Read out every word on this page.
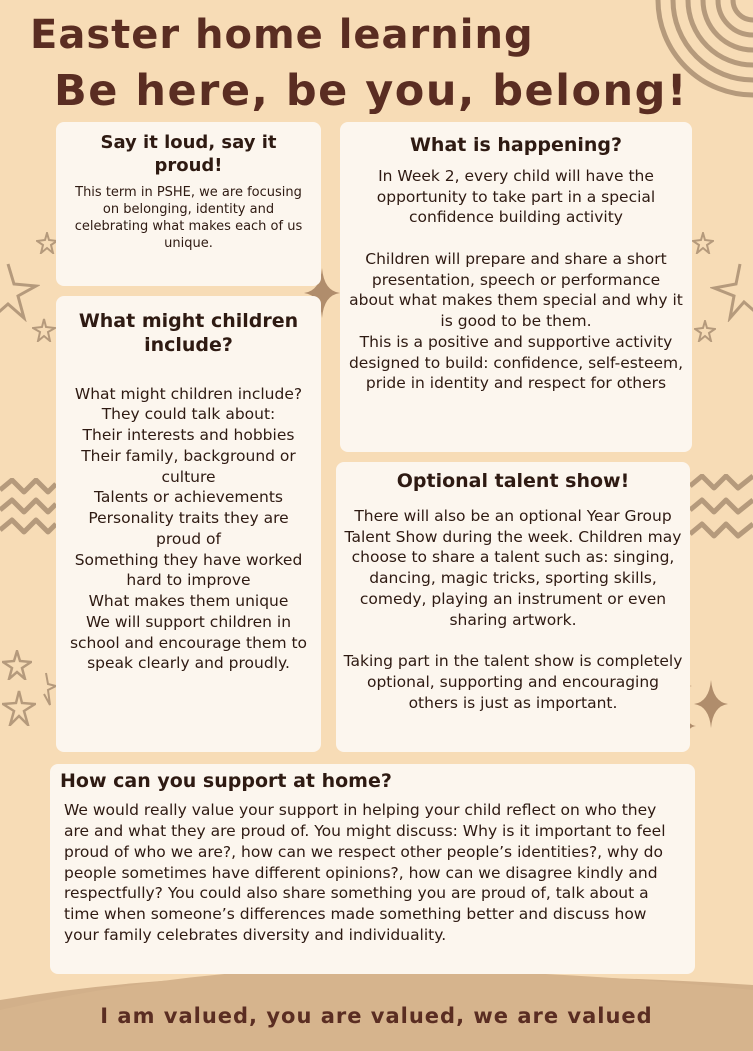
Easter home learning
Be here, be you, belong!
Say it loud, say it proud!

This term in PSHE, we are focusing on belonging, identity and celebrating what makes each of us unique.

What is happening?

In Week 2, every child will have the opportunity to take part in a special confidence building activity

Children will prepare and share a short presentation, speech or performance about what makes them special and why it is good to be them.
This is a positive and supportive activity designed to build: confidence, self-esteem, pride in identity and respect for others

What might children include?

What might children include?
They could talk about:
Their interests and hobbies
Their family, background or culture
Talents or achievements
Personality traits they are proud of
Something they have worked hard to improve
What makes them unique
We will support children in school and encourage them to speak clearly and proudly.

Optional talent show!

There will also be an optional Year Group Talent Show during the week. Children may choose to share a talent such as: singing, dancing, magic tricks, sporting skills, comedy, playing an instrument or even sharing artwork.

Taking part in the talent show is completely optional, supporting and encouraging others is just as important.

How can you support at home?

We would really value your support in helping your child reflect on who they are and what they are proud of. You might discuss: Why is it important to feel proud of who we are?, how can we respect other people’s identities?, why do people sometimes have different opinions?, how can we disagree kindly and respectfully? You could also share something you are proud of, talk about a time when someone’s differences made something better and discuss how your family celebrates diversity and individuality.

I am valued, you are valued, we are valued
